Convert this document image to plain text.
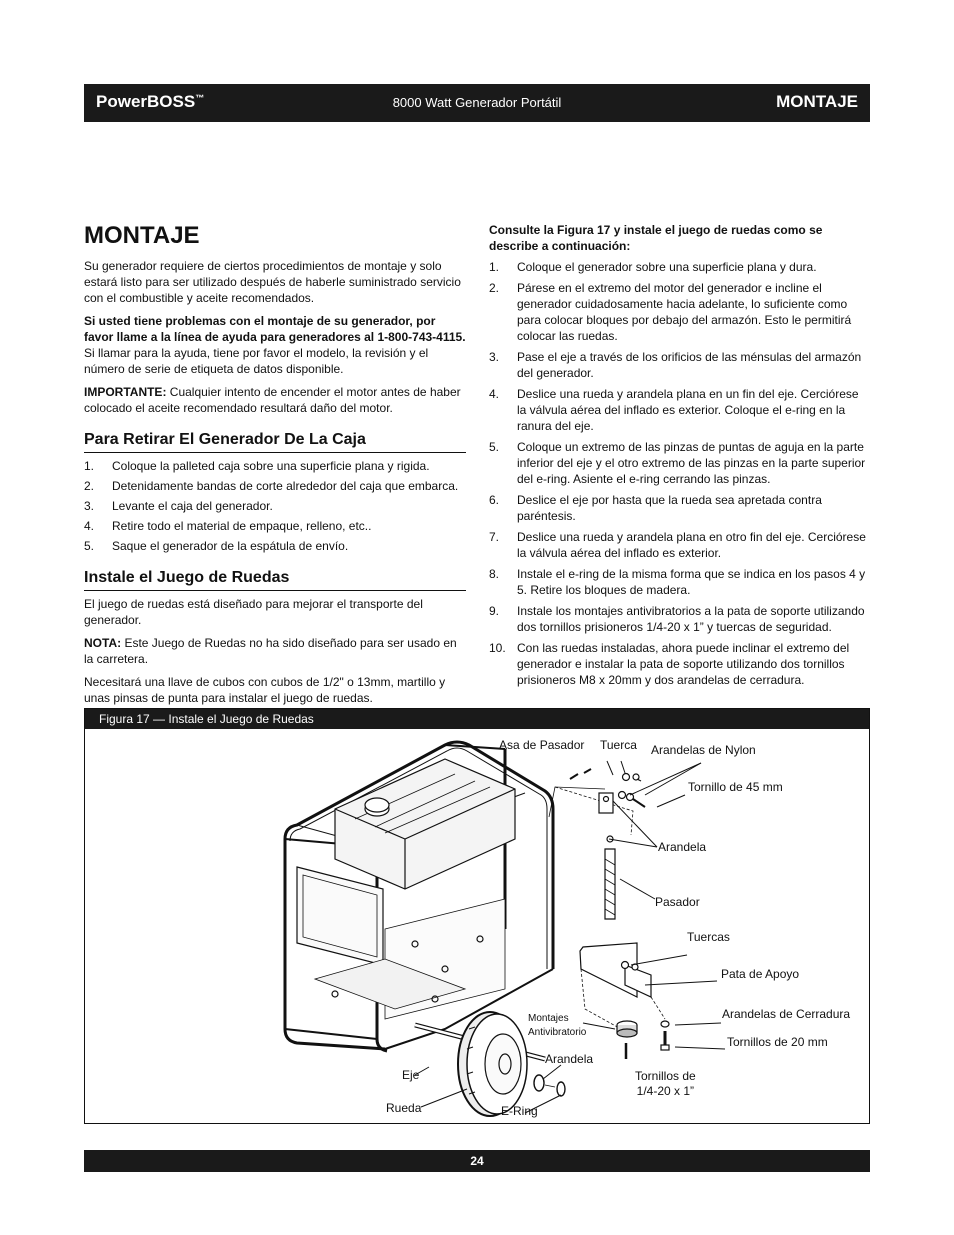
PowerBOSS™	8000 Watt Generador Portátil	MONTAJE
MONTAJE

Su generador requiere de ciertos procedimientos de montaje y solo estará listo para ser utilizado después de haberle suministrado servicio con el combustible y aceite recomendados.

Si usted tiene problemas con el montaje de su generador, por favor llame a la línea de ayuda para generadores al 1-800-743-4115. Si llamar para la ayuda, tiene por favor el modelo, la revisión y el número de serie de etiqueta de datos disponible.

IMPORTANTE: Cualquier intento de encender el motor antes de haber colocado el aceite recomendado resultará daño del motor.

Para Retirar El Generador De La Caja
1. Coloque la palleted caja sobre una superficie plana y rigida.
2. Detenidamente bandas de corte alrededor del caja que embarca.
3. Levante el caja del generador.
4. Retire todo el material de empaque, relleno, etc..
5. Saque el generador de la espátula de envío.
Instale el Juego de Ruedas

El juego de ruedas está diseñado para mejorar el transporte del generador.

NOTA: Este Juego de Ruedas no ha sido diseñado para ser usado en la carretera.

Necesitará una llave de cubos con cubos de 1/2" o 13mm, martillo y unas pinsas de punta para instalar el juego de ruedas.

Consulte la Figura 17 y instale el juego de ruedas como se describe a continuación:

1. Coloque el generador sobre una superficie plana y dura.
2. Párese en el extremo del motor del generador e incline el generador cuidadosamente hacia adelante, lo suficiente como para colocar bloques por debajo del armazón. Esto le permitirá colocar las ruedas.
3. Pase el eje a través de los orificios de las ménsulas del armazón del generador.
4. Deslice una rueda y arandela plana en un fin del eje. Cerciórese la válvula aérea del inflado es exterior. Coloque el e-ring en la ranura del eje.
5. Coloque un extremo de las pinzas de puntas de aguja en la parte inferior del eje y el otro extremo de las pinzas en la parte superior del e-ring. Asiente el e-ring cerrando las pinzas.
6. Deslice el eje por hasta que la rueda sea apretada contra paréntesis.
7. Deslice una rueda y arandela plana en otro fin del eje. Cerciórese la válvula aérea del inflado es exterior.
8. Instale el e-ring de la misma forma que se indica en los pasos 4 y 5. Retire los bloques de madera.
9. Instale los montajes antivibratorios a la pata de soporte utilizando dos tornillos prisioneros 1/4-20 x 1” y tuercas de seguridad.
10. Con las ruedas instaladas, ahora puede inclinar el extremo del generador e instalar la pata de soporte utilizando dos tornillos prisioneros M8 x 20mm y dos arandelas de cerradura.
Figura 17 — Instale el Juego de Ruedas
Asa de Pasador Tuerca Arandelas de Nylon
Tornillo de 45 mm
Arandela
Pasador
Tuercas
Pata de Apoyo
Arandelas de Cerradura
Tornillos de 20 mm
Montajes
Antivibratorio
Arandela
Tornillos de
1/4-20 x 1”
Eje
Rueda	E-Ring
24
